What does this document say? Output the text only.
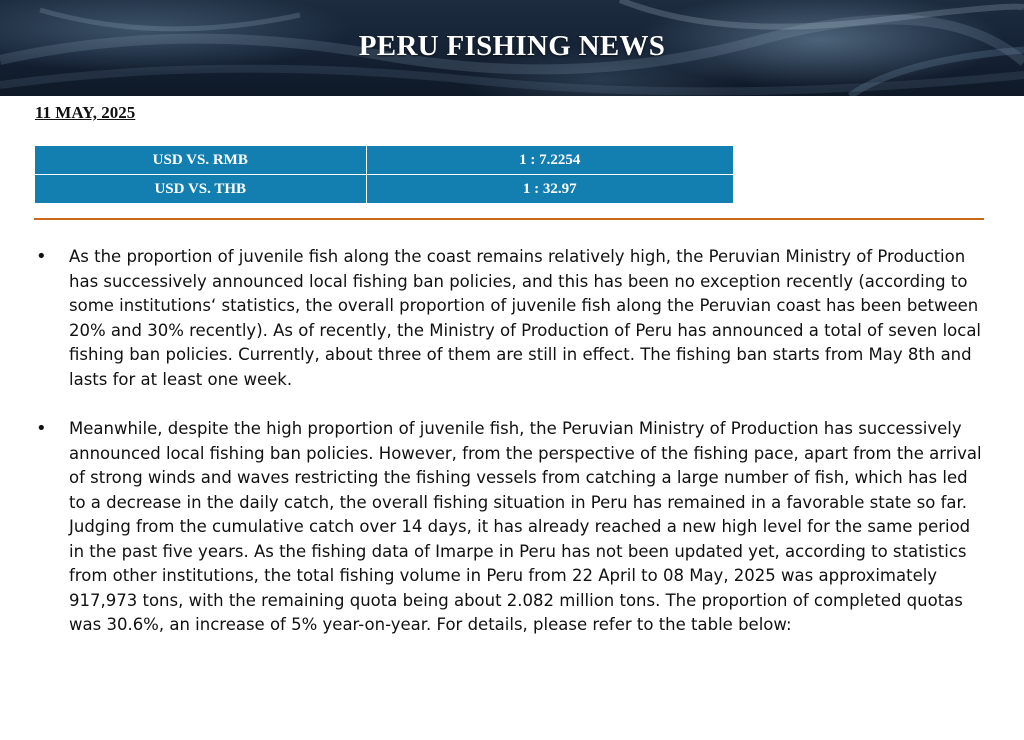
PERU FISHING NEWS
11 MAY, 2025
USD VS. RMB	1 : 7.2254
USD VS. THB	1 : 32.97
• As the proportion of juvenile fish along the coast remains relatively high, the Peruvian Ministry of Production has successively announced local fishing ban policies, and this has been no exception recently (according to some institutions‘ statistics, the overall proportion of juvenile fish along the Peruvian coast has been between 20% and 30% recently). As of recently, the Ministry of Production of Peru has announced a total of seven local fishing ban policies. Currently, about three of them are still in effect. The fishing ban starts from May 8th and lasts for at least one week.
• Meanwhile, despite the high proportion of juvenile fish, the Peruvian Ministry of Production has successively announced local fishing ban policies. However, from the perspective of the fishing pace, apart from the arrival of strong winds and waves restricting the fishing vessels from catching a large number of fish, which has led to a decrease in the daily catch, the overall fishing situation in Peru has remained in a favorable state so far. Judging from the cumulative catch over 14 days, it has already reached a new high level for the same period in the past five years. As the fishing data of Imarpe in Peru has not been updated yet, according to statistics from other institutions, the total fishing volume in Peru from 22 April to 08 May, 2025 was approximately 917,973 tons, with the remaining quota being about 2.082 million tons. The proportion of completed quotas was 30.6%, an increase of 5% year-on-year. For details, please refer to the table below:
